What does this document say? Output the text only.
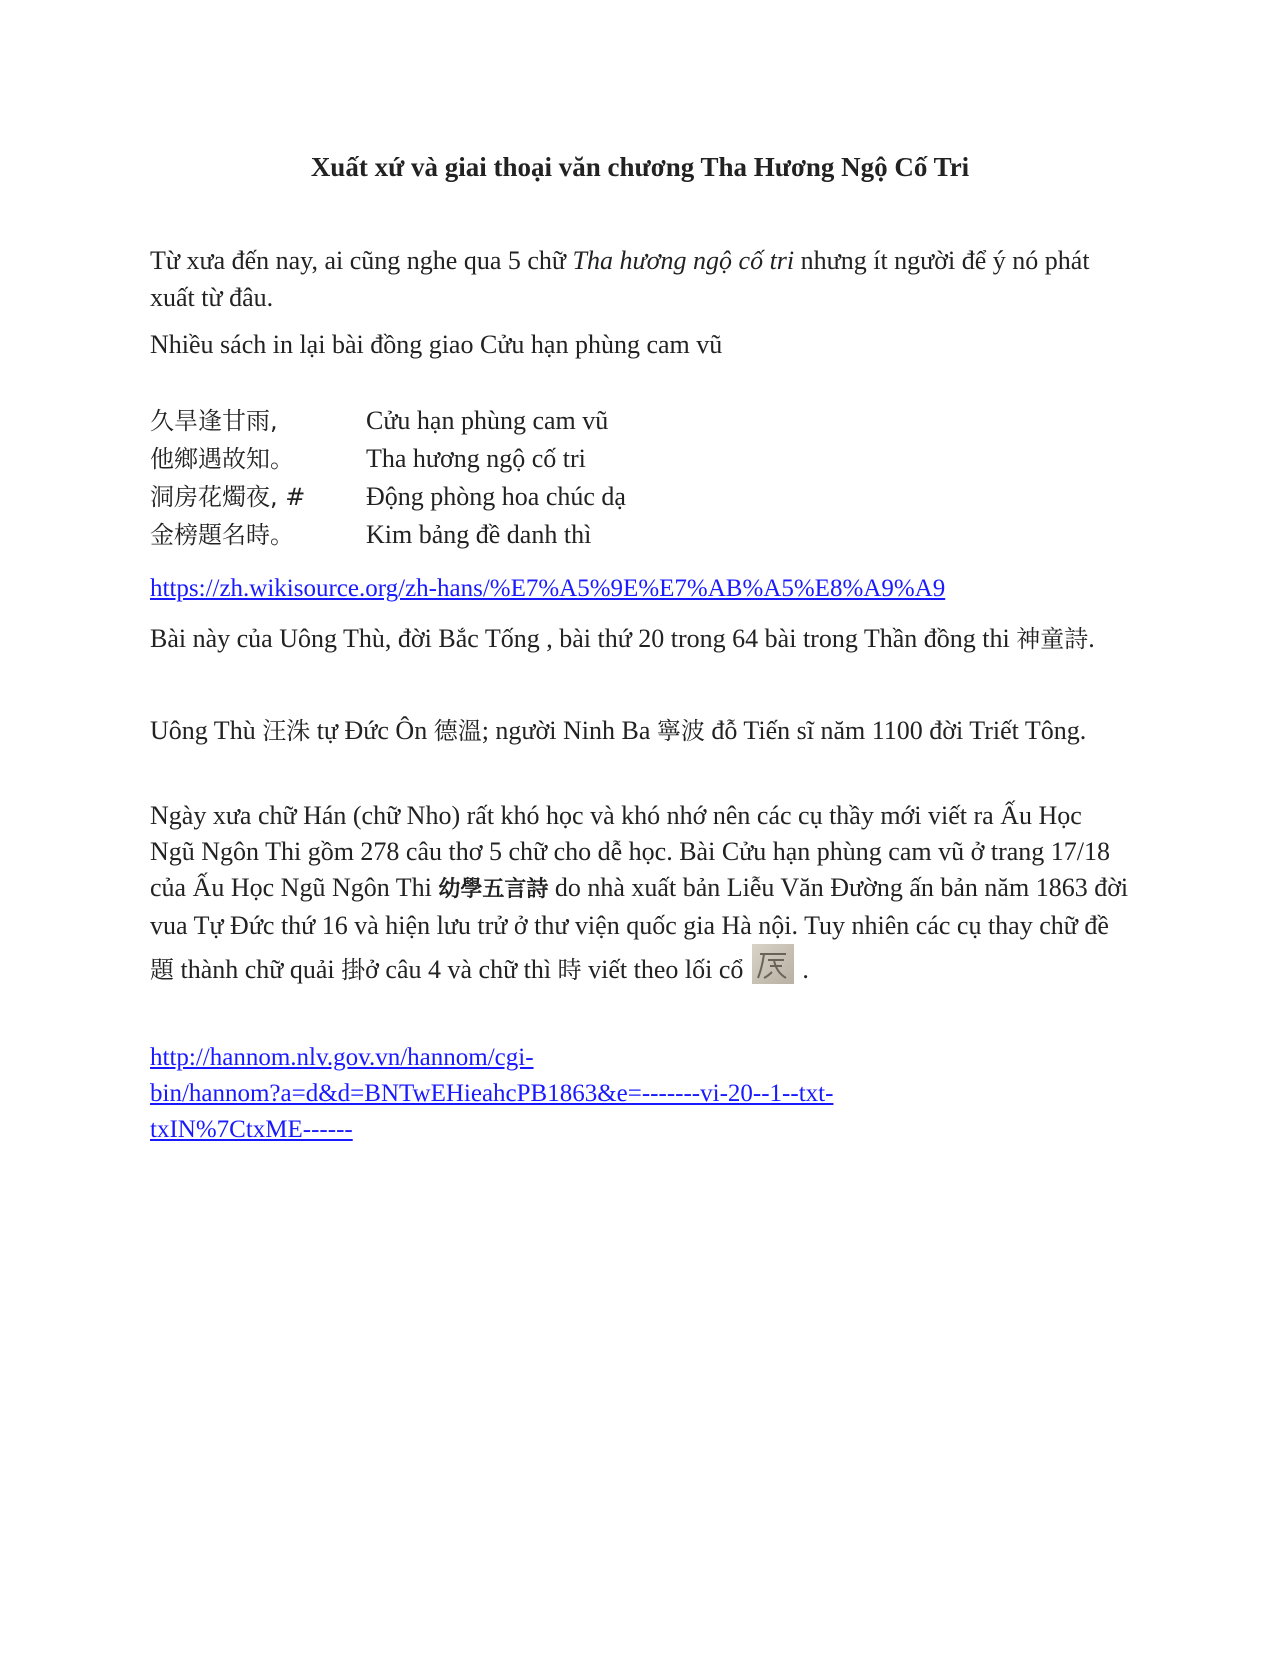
Xuất xứ và giai thoại văn chương Tha Hương Ngộ Cố Tri

Từ xưa đến nay, ai cũng nghe qua 5 chữ Tha hương ngộ cố tri nhưng ít người để ý nó phát xuất từ đâu.

Nhiều sách in lại bài đồng giao Cửu hạn phùng cam vũ

久旱逢甘雨,	Cửu hạn phùng cam vũ
他鄉遇故知。	Tha hương ngộ cố tri
洞房花燭夜, #	Động phòng hoa chúc dạ
金榜題名時。	Kim bảng đề danh thì

https://zh.wikisource.org/zh-hans/%E7%A5%9E%E7%AB%A5%E8%A9%A9

Bài này của Uông Thù, đời Bắc Tống , bài thứ 20 trong 64 bài trong Thần đồng thi 神童詩.

Uông Thù 汪洙 tự Đức Ôn 德溫; người Ninh Ba 寧波 đỗ Tiến sĩ năm 1100 đời Triết Tông.

Ngày xưa chữ Hán (chữ Nho) rất khó học và khó nhớ nên các cụ thầy mới viết ra Ấu Học Ngũ Ngôn Thi gồm 278 câu thơ 5 chữ cho dễ học. Bài Cửu hạn phùng cam vũ ở trang 17/18 của Ấu Học Ngũ Ngôn Thi 幼學五言詩 do nhà xuất bản Liễu Văn Đường ấn bản năm 1863 đời vua Tự Đức thứ 16 và hiện lưu trử ở thư viện quốc gia Hà nội. Tuy nhiên các cụ thay chữ đề 題 thành chữ quải 掛ở câu 4 và chữ thì 時 viết theo lối cổ
.

http://hannom.nlv.gov.vn/hannom/cgi-
bin/hannom?a=d&d=BNTwEHieahcPB1863&e=-------vi-20--1--txt-
txIN%7CtxME------
